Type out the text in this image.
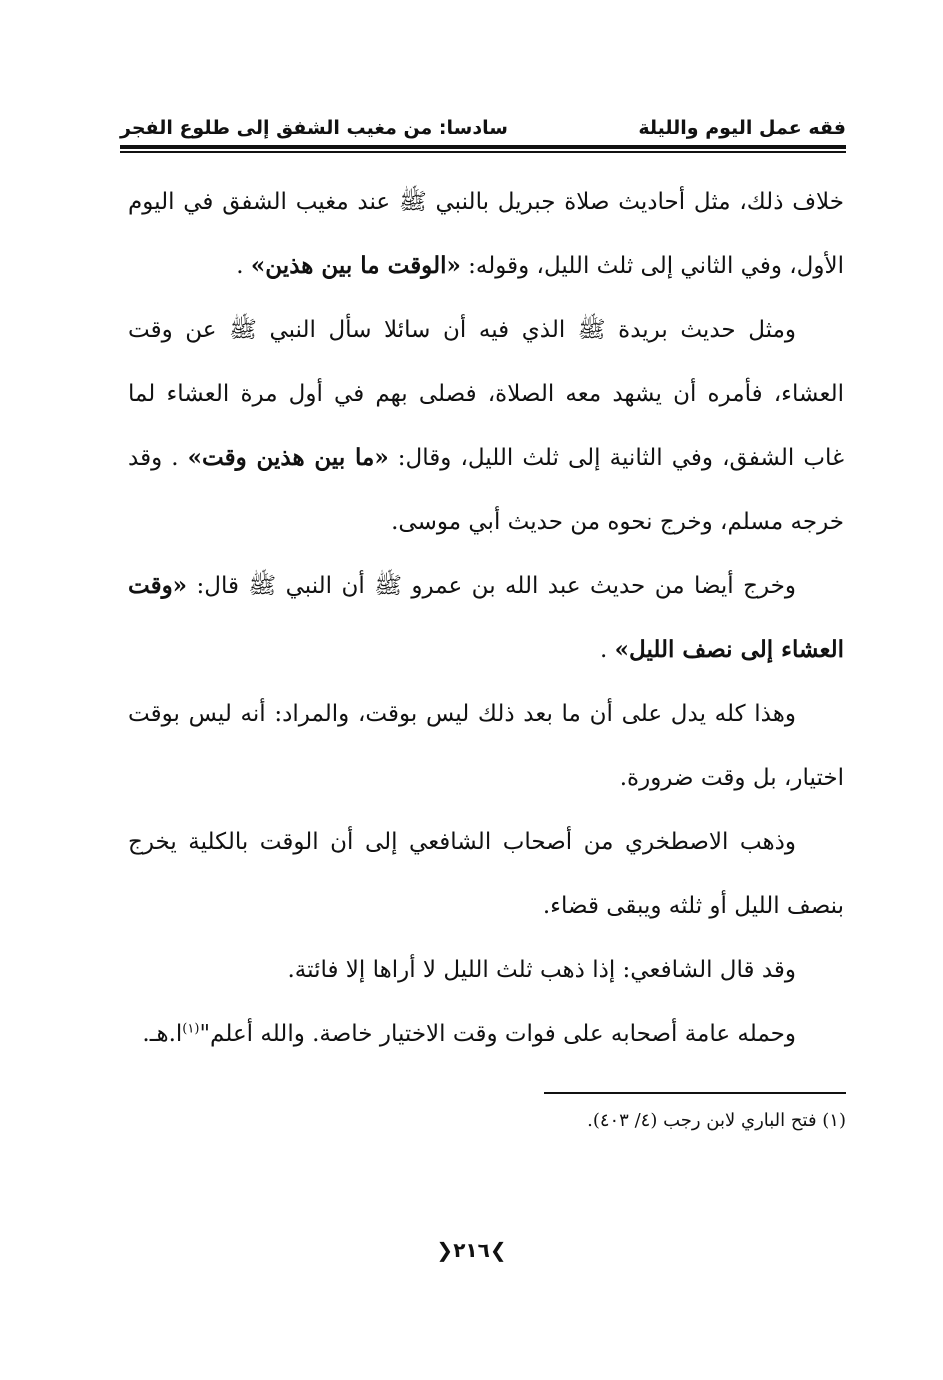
فقه عمل اليوم والليلة
سادسا: من مغيب الشفق إلى طلوع الفجر

خلاف ذلك، مثل أحاديث صلاة جبريل بالنبي ﷺ عند مغيب الشفق في اليوم الأول، وفي الثاني إلى ثلث الليل، وقوله: «الوقت ما بين هذين» .

ومثل حديث بريدة ﷺ الذي فيه أن سائلا سأل النبي ﷺ عن وقت العشاء، فأمره أن يشهد معه الصلاة، فصلى بهم في أول مرة العشاء لما غاب الشفق، وفي الثانية إلى ثلث الليل، وقال: «ما بين هذين وقت» . وقد خرجه مسلم، وخرج نحوه من حديث أبي موسى.

وخرج أيضا من حديث عبد الله بن عمرو ﷺ أن النبي ﷺ قال: «وقت العشاء إلى نصف الليل» .

وهذا كله يدل على أن ما بعد ذلك ليس بوقت، والمراد: أنه ليس بوقت اختيار، بل وقت ضرورة.

وذهب الاصطخري من أصحاب الشافعي إلى أن الوقت بالكلية يخرج بنصف الليل أو ثلثه ويبقى قضاء.

وقد قال الشافعي: إذا ذهب ثلث الليل لا أراها إلا فائتة.

وحمله عامة أصحابه على فوات وقت الاختيار خاصة. والله أعلم"$^{(١)}$ا.هـ.

(١) فتح الباري لابن رجب (٤/ ٤٠٣).
❯٢١٦❮
